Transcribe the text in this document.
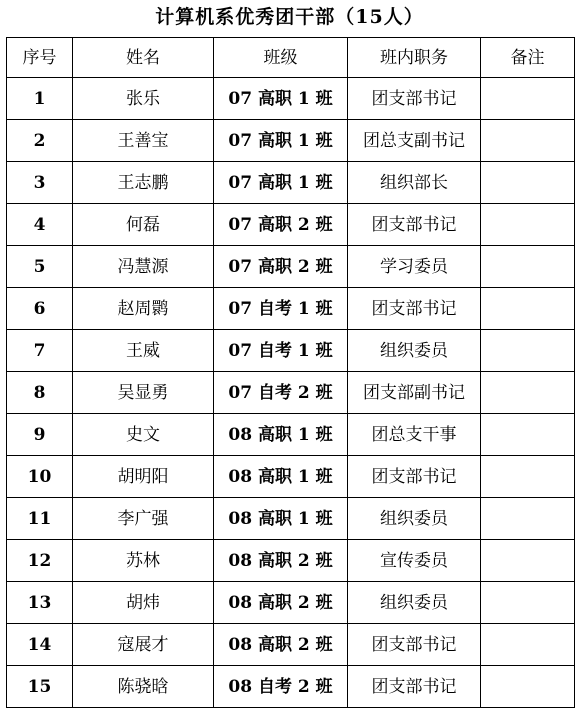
计算机系优秀团干部（15人）
序号	姓名	班级	班内职务	备注
1	张乐	07 高职 1 班	团支部书记	
2	王善宝	07 高职 1 班	团总支副书记	
3	王志鹏	07 高职 1 班	组织部长	
4	何磊	07 高职 2 班	团支部书记	
5	冯慧源	07 高职 2 班	学习委员	
6	赵周鹮	07 自考 1 班	团支部书记	
7	王威	07 自考 1 班	组织委员	
8	吴显勇	07 自考 2 班	团支部副书记	
9	史文	08 高职 1 班	团总支干事	
10	胡明阳	08 高职 1 班	团支部书记	
11	李广强	08 高职 1 班	组织委员	
12	苏林	08 高职 2 班	宣传委员	
13	胡炜	08 高职 2 班	组织委员	
14	寇展才	08 高职 2 班	团支部书记	
15	陈骁晗	08 自考 2 班	团支部书记	
